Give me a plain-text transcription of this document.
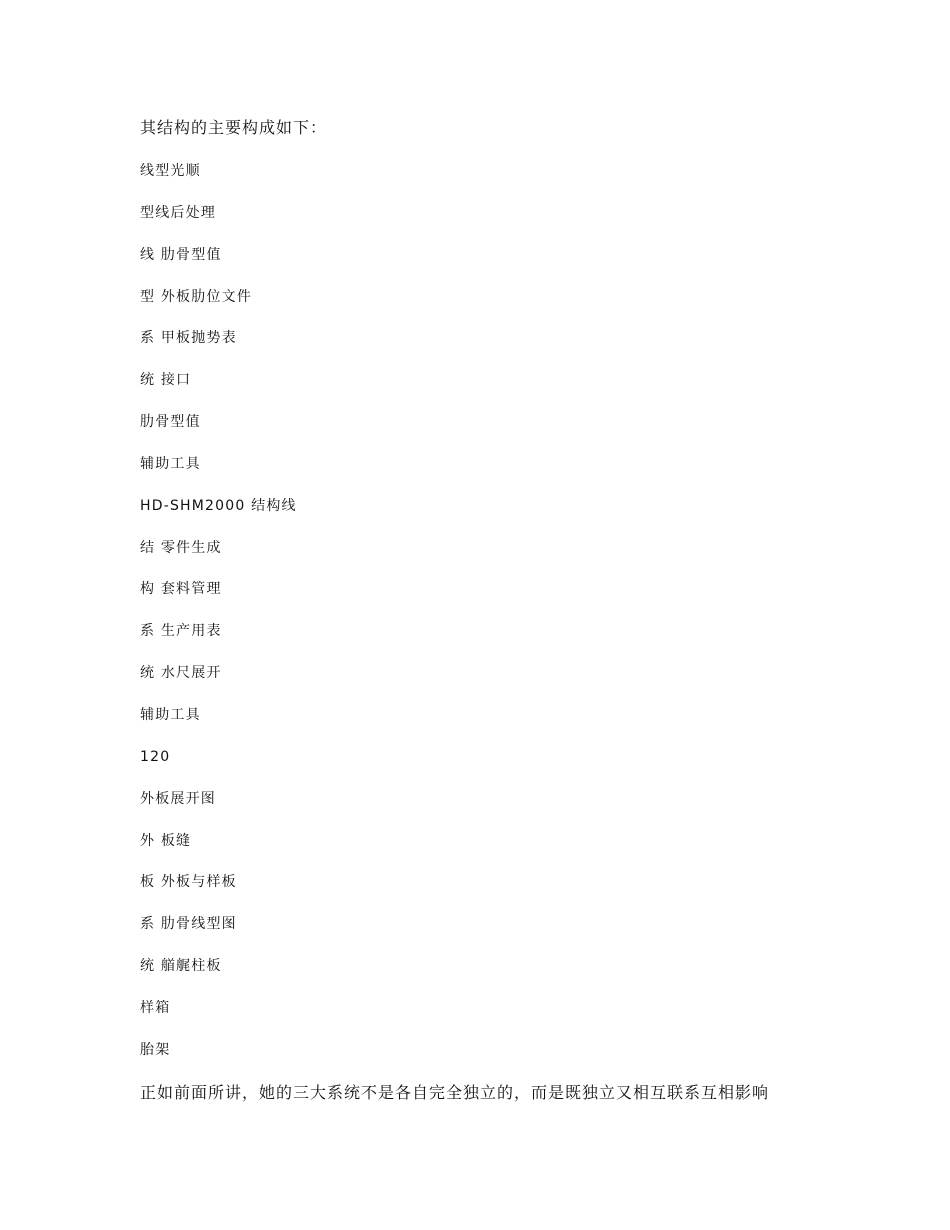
其结构的主要构成如下：
线型光顺
型线后处理
线 肋骨型值
型 外板肋位文件
系 甲板抛势表
统 接口
肋骨型值
辅助工具
HD-SHM2000 结构线
结 零件生成
构 套料管理
系 生产用表
统 水尺展开
辅助工具
120
外板展开图
外 板缝
板 外板与样板
系 肋骨线型图
统 艏艉柱板
样箱
胎架
正如前面所讲，她的三大系统不是各自完全独立的，而是既独立又相互联系互相影响
